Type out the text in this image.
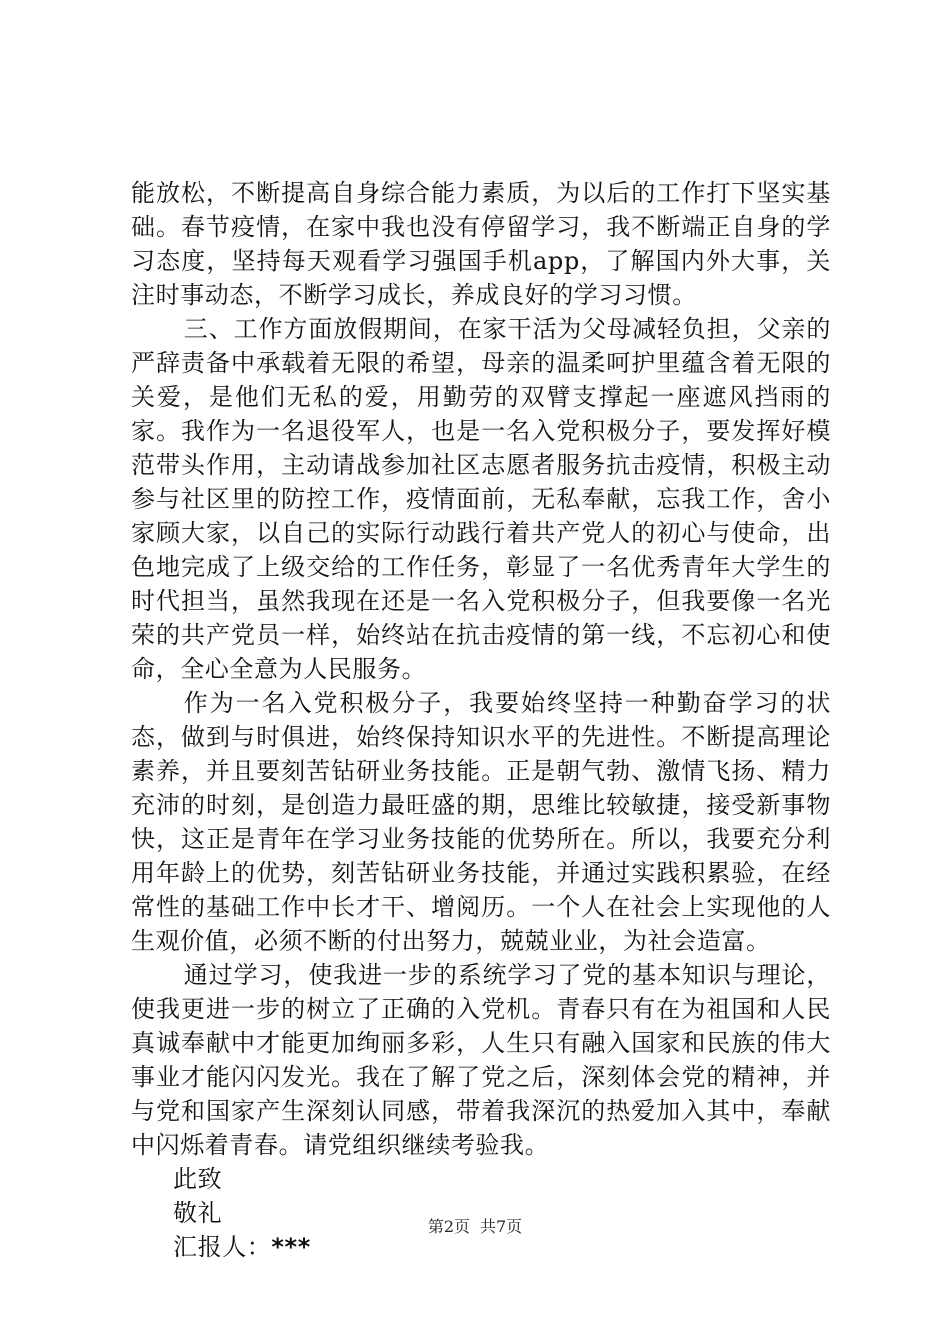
能放松，不断提高自身综合能力素质，为以后的工作打下坚实基础。春节疫情，在家中我也没有停留学习，我不断端正自身的学习态度，坚持每天观看学习强国手机app，了解国内外大事，关注时事动态，不断学习成长，养成良好的学习习惯。

三、工作方面放假期间，在家干活为父母减轻负担，父亲的严辞责备中承载着无限的希望，母亲的温柔呵护里蕴含着无限的关爱，是他们无私的爱，用勤劳的双臂支撑起一座遮风挡雨的家。我作为一名退役军人，也是一名入党积极分子，要发挥好模范带头作用，主动请战参加社区志愿者服务抗击疫情，积极主动参与社区里的防控工作，疫情面前，无私奉献，忘我工作，舍小家顾大家，以自己的实际行动践行着共产党人的初心与使命，出色地完成了上级交给的工作任务，彰显了一名优秀青年大学生的时代担当，虽然我现在还是一名入党积极分子，但我要像一名光荣的共产党员一样，始终站在抗击疫情的第一线，不忘初心和使命，全心全意为人民服务。

作为一名入党积极分子，我要始终坚持一种勤奋学习的状态，做到与时俱进，始终保持知识水平的先进性。不断提高理论素养，并且要刻苦钻研业务技能。正是朝气勃、激情飞扬、精力充沛的时刻，是创造力最旺盛的期，思维比较敏捷，接受新事物快，这正是青年在学习业务技能的优势所在。所以，我要充分利用年龄上的优势，刻苦钻研业务技能，并通过实践积累验，在经常性的基础工作中长才干、增阅历。一个人在社会上实现他的人生观价值，必须不断的付出努力，兢兢业业，为社会造富。

通过学习，使我进一步的系统学习了党的基本知识与理论，使我更进一步的树立了正确的入党机。青春只有在为祖国和人民真诚奉献中才能更加绚丽多彩，人生只有融入国家和民族的伟大事业才能闪闪发光。我在了解了党之后，深刻体会党的精神，并与党和国家产生深刻认同感，带着我深沉的热爱加入其中，奉献中闪烁着青春。请党组织继续考验我。

此致

敬礼

汇报人：***

第2页 共7页
